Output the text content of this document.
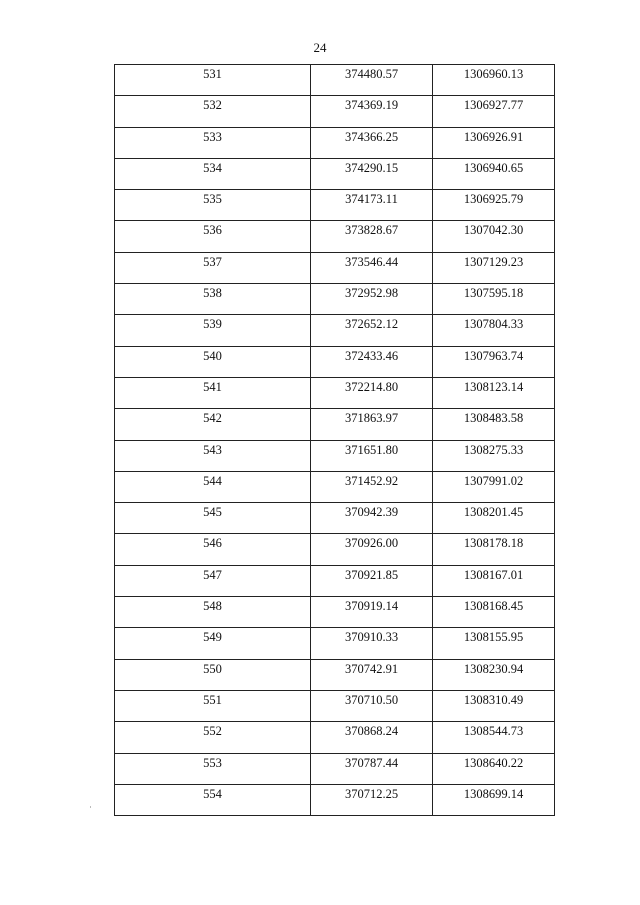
24
531	374480.57	1306960.13
532	374369.19	1306927.77
533	374366.25	1306926.91
534	374290.15	1306940.65
535	374173.11	1306925.79
536	373828.67	1307042.30
537	373546.44	1307129.23
538	372952.98	1307595.18
539	372652.12	1307804.33
540	372433.46	1307963.74
541	372214.80	1308123.14
542	371863.97	1308483.58
543	371651.80	1308275.33
544	371452.92	1307991.02
545	370942.39	1308201.45
546	370926.00	1308178.18
547	370921.85	1308167.01
548	370919.14	1308168.45
549	370910.33	1308155.95
550	370742.91	1308230.94
551	370710.50	1308310.49
552	370868.24	1308544.73
553	370787.44	1308640.22
554	370712.25	1308699.14
